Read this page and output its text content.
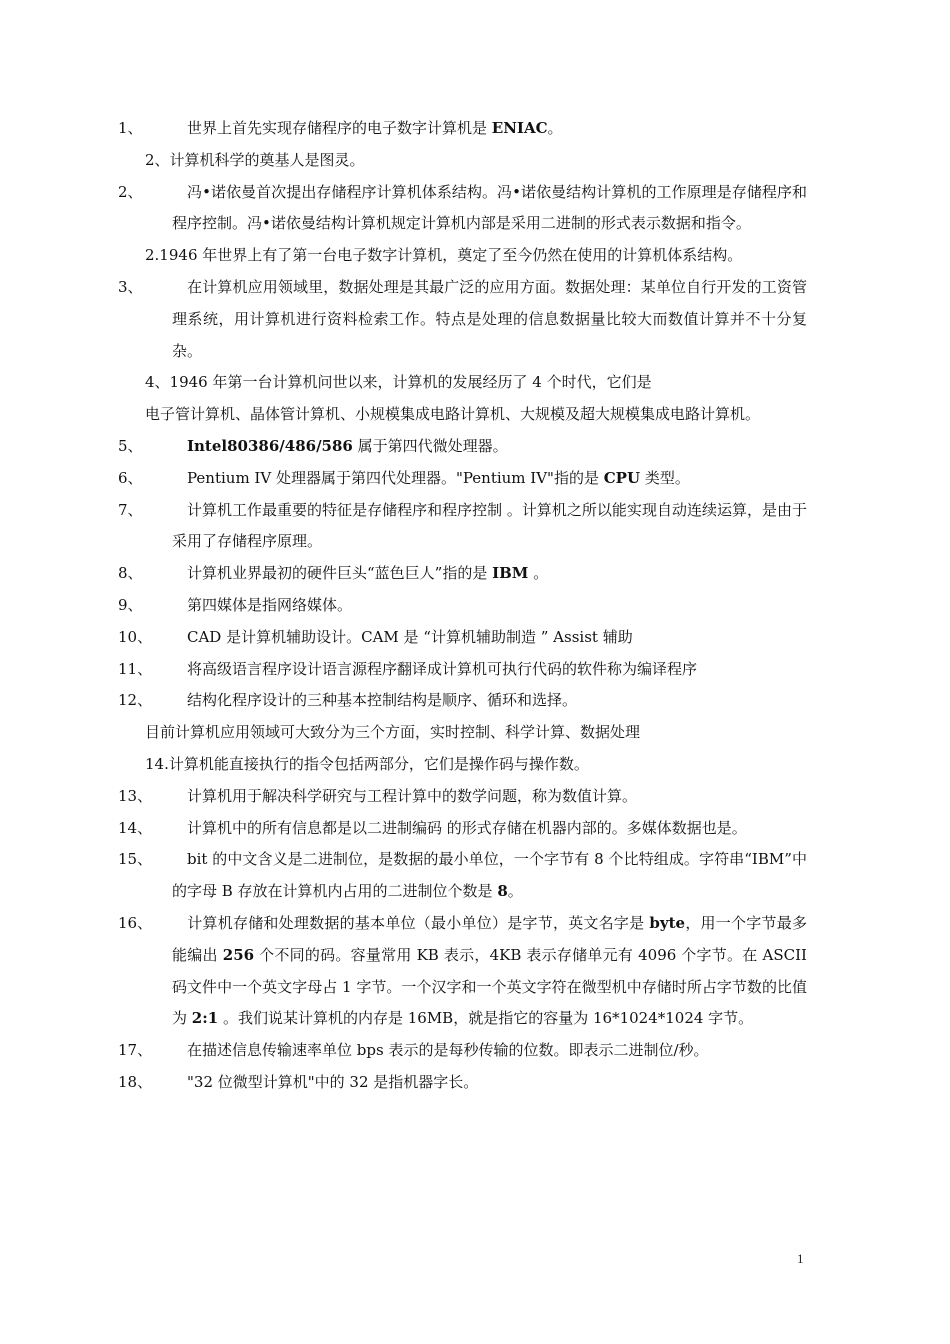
1、	世界上首先实现存储程序的电子数字计算机是 ENIAC。

2、计算机科学的奠基人是图灵。

2、	冯•诺依曼首次提出存储程序计算机体系结构。冯•诺依曼结构计算机的工作原理是存储程序和程序控制。冯•诺依曼结构计算机规定计算机内部是采用二进制的形式表示数据和指令。

2.1946 年世界上有了第一台电子数字计算机，奠定了至今仍然在使用的计算机体系结构。

3、	在计算机应用领域里，数据处理是其最广泛的应用方面。数据处理：某单位自行开发的工资管理系统，用计算机进行资料检索工作。特点是处理的信息数据量比较大而数值计算并不十分复杂。

4、1946 年第一台计算机问世以来，计算机的发展经历了 4 个时代，它们是

电子管计算机、晶体管计算机、小规模集成电路计算机、大规模及超大规模集成电路计算机。

5、	Intel80386/486/586 属于第四代微处理器。

6、	Pentium IV 处理器属于第四代处理器。"Pentium IV"指的是 CPU 类型。

7、	计算机工作最重要的特征是存储程序和程序控制 。计算机之所以能实现自动连续运算，是由于采用了存储程序原理。

8、	计算机业界最初的硬件巨头“蓝色巨人”指的是 IBM 。

9、	第四媒体是指网络媒体。

10、 CAD 是计算机辅助设计。CAM 是 “计算机辅助制造 ” Assist 辅助

11、 将高级语言程序设计语言源程序翻译成计算机可执行代码的软件称为编译程序

12、 结构化程序设计的三种基本控制结构是顺序、循环和选择。

目前计算机应用领域可大致分为三个方面，实时控制、科学计算、数据处理

14.计算机能直接执行的指令包括两部分，它们是操作码与操作数。

13、 计算机用于解决科学研究与工程计算中的数学问题，称为数值计算。

14、 计算机中的所有信息都是以二进制编码 的形式存储在机器内部的。多媒体数据也是。

15、 bit 的中文含义是二进制位，是数据的最小单位，一个字节有 8 个比特组成。字符串“IBM”中的字母 B 存放在计算机内占用的二进制位个数是 8。

16、 计算机存储和处理数据的基本单位（最小单位）是字节，英文名字是 byte，用一个字节最多能编出 256 个不同的码。容量常用 KB 表示，4KB 表示存储单元有 4096 个字节。在 ASCII 码文件中一个英文字母占 1 字节。一个汉字和一个英文字符在微型机中存储时所占字节数的比值为 2:1 。我们说某计算机的内存是 16MB，就是指它的容量为 16*1024*1024 字节。

17、 在描述信息传输速率单位 bps 表示的是每秒传输的位数。即表示二进制位/秒。

18、 "32 位微型计算机"中的 32 是指机器字长。

1
